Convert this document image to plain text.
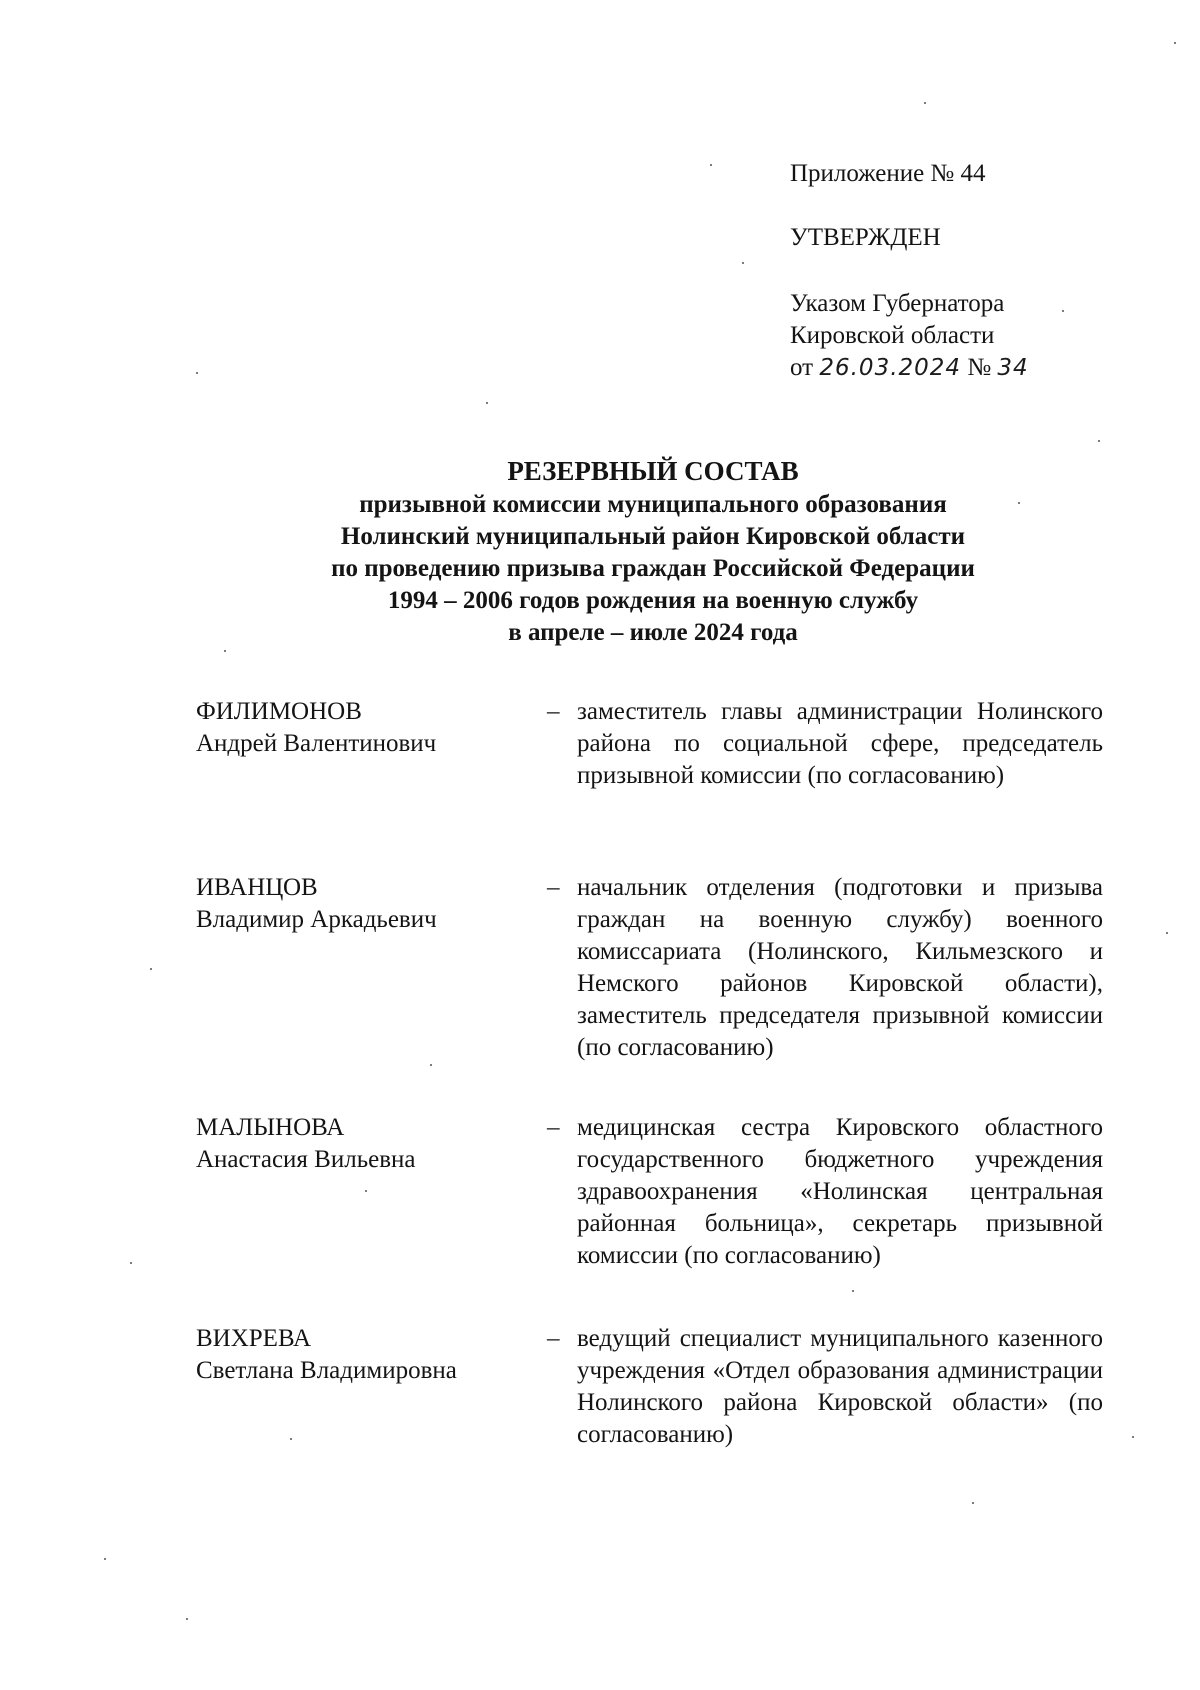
Приложение № 44
УТВЕРЖДЕН
Указом Губернатора
Кировской области
от 26.03.2024 № 34
РЕЗЕРВНЫЙ СОСТАВ
призывной комиссии муниципального образования
Нолинский муниципальный район Кировской области
по проведению призыва граждан Российской Федерации
1994 – 2006 годов рождения на военную службу
в апреле – июле 2024 года
ФИЛИМОНОВ
Андрей Валентинович
– заместитель главы администрации Нолинского района по социальной сфере, председатель призывной комиссии (по согласованию)
ИВАНЦОВ
Владимир Аркадьевич
– начальник отделения (подготовки и призыва граждан на военную службу) военного комиссариата (Нолинского, Кильмезского и Немского районов Кировской области), заместитель председателя призывной комиссии (по согласованию)
МАЛЫНОВА
Анастасия Вильевна
– медицинская сестра Кировского областного государственного бюджетного учреждения здравоохранения «Нолинская центральная районная больница», секретарь призывной комиссии (по согласованию)
ВИХРЕВА
Светлана Владимировна
– ведущий специалист муниципального казенного учреждения «Отдел образования администрации Нолинского района Кировской области» (по согласованию)
